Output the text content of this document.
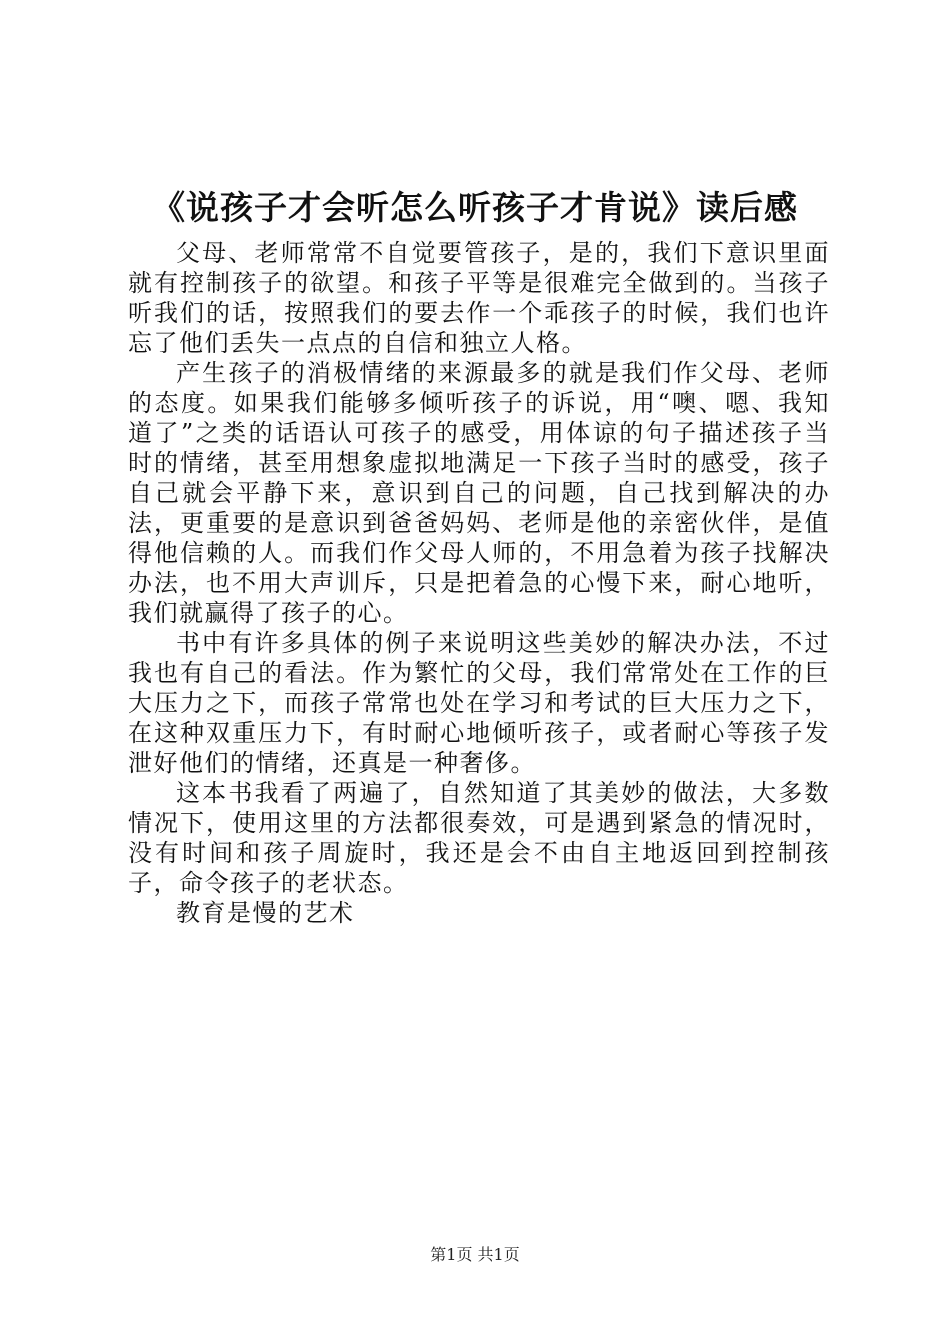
《说孩子才会听怎么听孩子才肯说》读后感

父母、老师常常不自觉要管孩子，是的，我们下意识里面就有控制孩子的欲望。和孩子平等是很难完全做到的。当孩子听我们的话，按照我们的要去作一个乖孩子的时候，我们也许忘了他们丢失一点点的自信和独立人格。

产生孩子的消极情绪的来源最多的就是我们作父母、老师的态度。如果我们能够多倾听孩子的诉说，用“噢、嗯、我知道了”之类的话语认可孩子的感受，用体谅的句子描述孩子当时的情绪，甚至用想象虚拟地满足一下孩子当时的感受，孩子自己就会平静下来，意识到自己的问题，自己找到解决的办法，更重要的是意识到爸爸妈妈、老师是他的亲密伙伴，是值得他信赖的人。而我们作父母人师的，不用急着为孩子找解决办法，也不用大声训斥，只是把着急的心慢下来，耐心地听，我们就赢得了孩子的心。

书中有许多具体的例子来说明这些美妙的解决办法，不过我也有自己的看法。作为繁忙的父母，我们常常处在工作的巨大压力之下，而孩子常常也处在学习和考试的巨大压力之下，在这种双重压力下，有时耐心地倾听孩子，或者耐心等孩子发泄好他们的情绪，还真是一种奢侈。

这本书我看了两遍了，自然知道了其美妙的做法，大多数情况下，使用这里的方法都很奏效，可是遇到紧急的情况时，没有时间和孩子周旋时，我还是会不由自主地返回到控制孩子，命令孩子的老状态。

教育是慢的艺术

第1页 共1页
